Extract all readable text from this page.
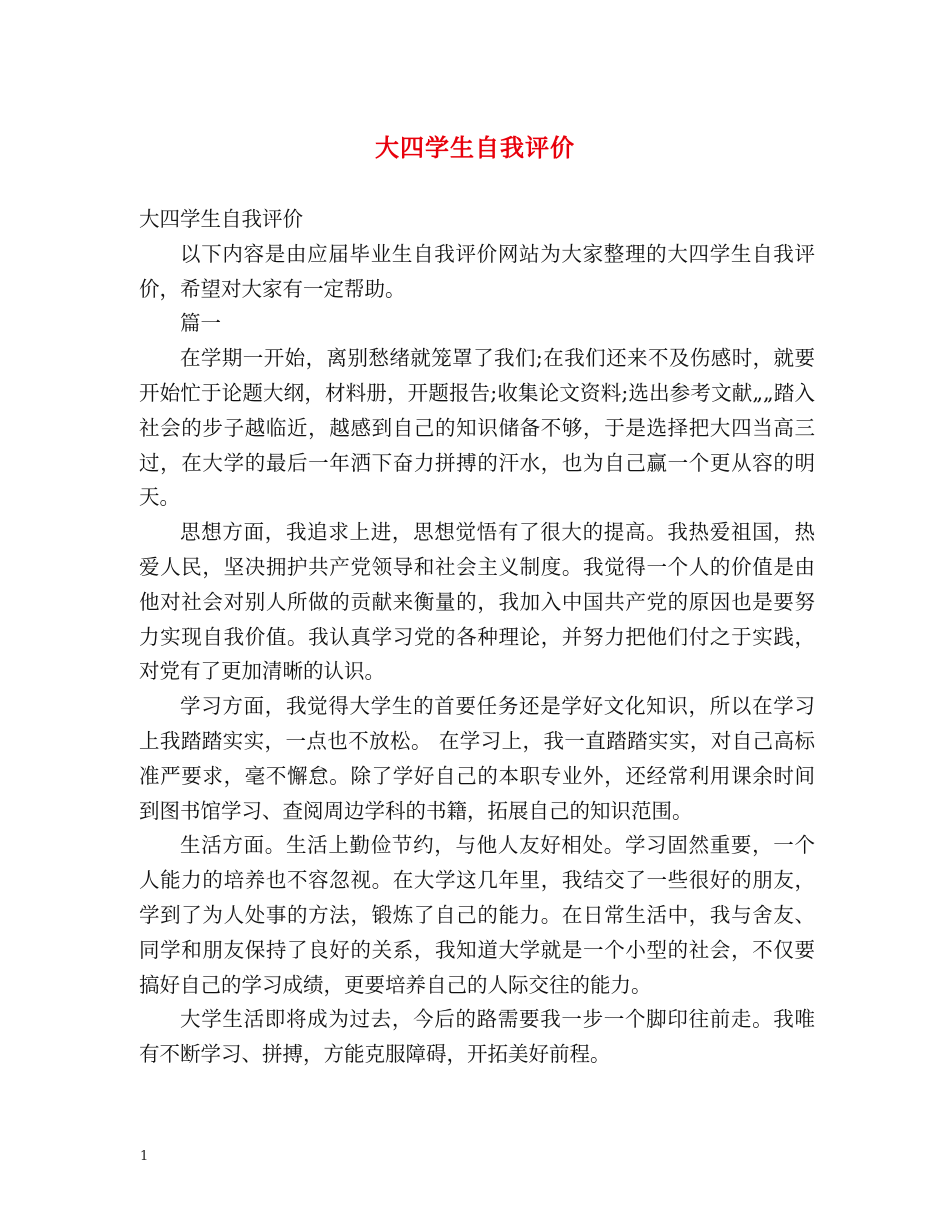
大四学生自我评价

大四学生自我评价

以下内容是由应届毕业生自我评价网站为大家整理的大四学生自我评价，希望对大家有一定帮助。

篇一

在学期一开始，离别愁绪就笼罩了我们;在我们还来不及伤感时，就要开始忙于论题大纲，材料册，开题报告;收集论文资料;选出参考文献„„踏入社会的步子越临近，越感到自己的知识储备不够，于是选择把大四当高三过，在大学的最后一年洒下奋力拼搏的汗水，也为自己赢一个更从容的明天。

思想方面，我追求上进，思想觉悟有了很大的提高。我热爱祖国，热爱人民，坚决拥护共产党领导和社会主义制度。我觉得一个人的价值是由他对社会对别人所做的贡献来衡量的，我加入中国共产党的原因也是要努力实现自我价值。我认真学习党的各种理论，并努力把他们付之于实践，对党有了更加清晰的认识。

学习方面，我觉得大学生的首要任务还是学好文化知识，所以在学习上我踏踏实实，一点也不放松。 在学习上，我一直踏踏实实，对自己高标准严要求，毫不懈怠。除了学好自己的本职专业外，还经常利用课余时间到图书馆学习、查阅周边学科的书籍，拓展自己的知识范围。

生活方面。生活上勤俭节约，与他人友好相处。学习固然重要，一个人能力的培养也不容忽视。在大学这几年里，我结交了一些很好的朋友，学到了为人处事的方法，锻炼了自己的能力。在日常生活中，我与舍友、同学和朋友保持了良好的关系，我知道大学就是一个小型的社会，不仅要搞好自己的学习成绩，更要培养自己的人际交往的能力。

大学生活即将成为过去，今后的路需要我一步一个脚印往前走。我唯有不断学习、拼搏，方能克服障碍，开拓美好前程。

1
